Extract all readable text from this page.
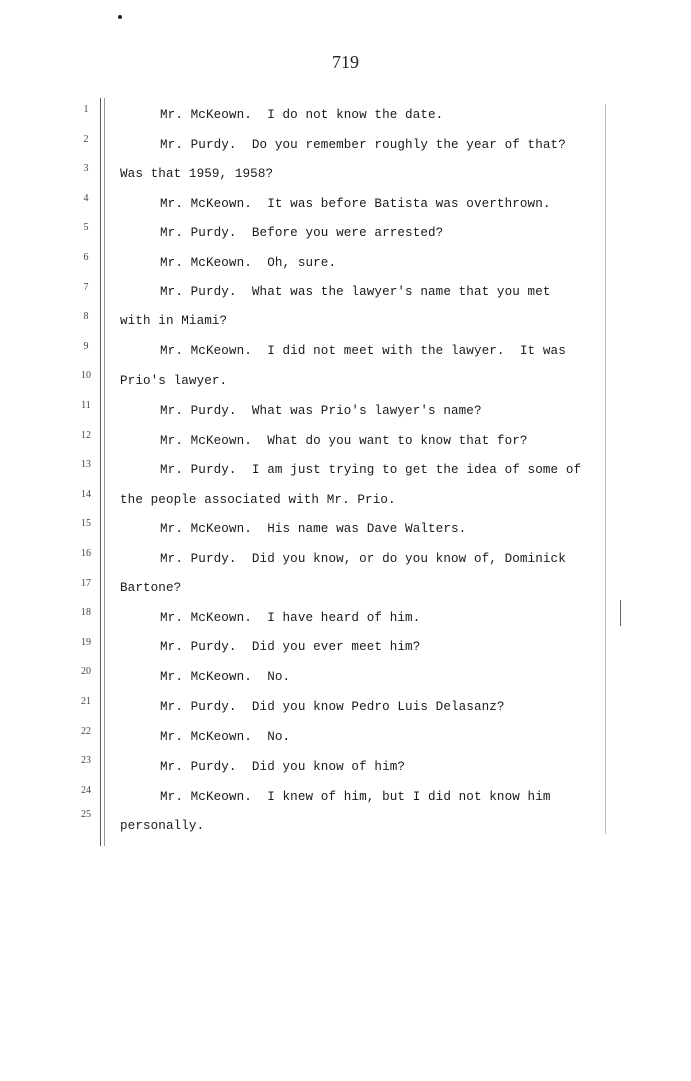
719
1
2
3
4
5
6
7
8
9
10
11
12
13
14
15
16
17
18
19
20
21
22
23
24
25
Mr. McKeown.  I do not know the date.
Mr. Purdy.  Do you remember roughly the year of that?
Was that 1959, 1958?
Mr. McKeown.  It was before Batista was overthrown.
Mr. Purdy.  Before you were arrested?
Mr. McKeown.  Oh, sure.
Mr. Purdy.  What was the lawyer's name that you met
with in Miami?
Mr. McKeown.  I did not meet with the lawyer.  It was
Prio's lawyer.
Mr. Purdy.  What was Prio's lawyer's name?
Mr. McKeown.  What do you want to know that for?
Mr. Purdy.  I am just trying to get the idea of some of
the people associated with Mr. Prio.
Mr. McKeown.  His name was Dave Walters.
Mr. Purdy.  Did you know, or do you know of, Dominick
Bartone?
Mr. McKeown.  I have heard of him.
Mr. Purdy.  Did you ever meet him?
Mr. McKeown.  No.
Mr. Purdy.  Did you know Pedro Luis Delasanz?
Mr. McKeown.  No.
Mr. Purdy.  Did you know of him?
Mr. McKeown.  I knew of him, but I did not know him
personally.
